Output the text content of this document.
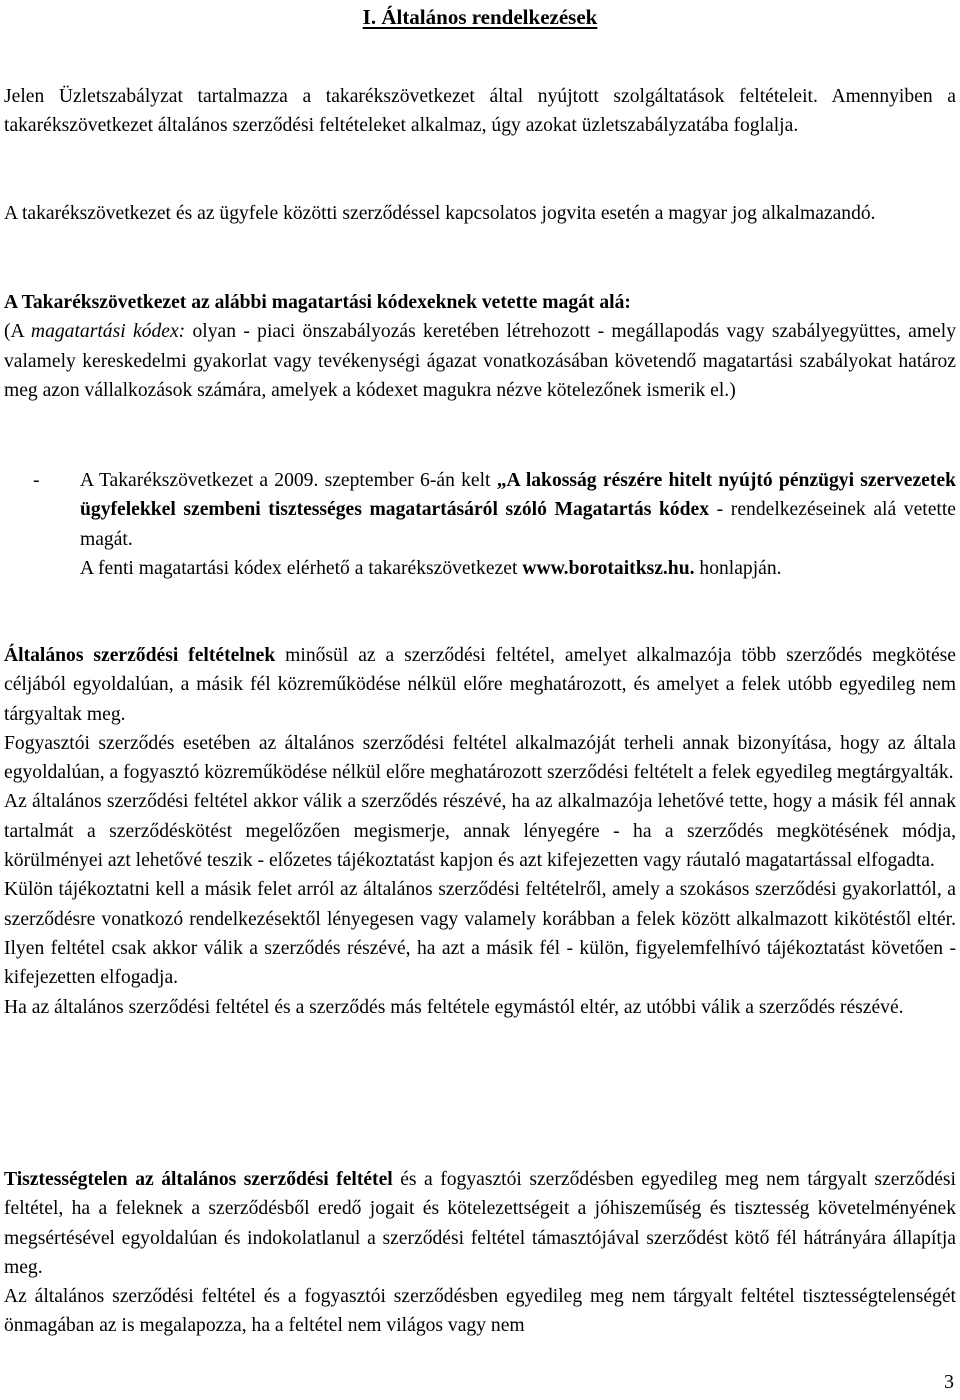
I. Általános rendelkezések

Jelen Üzletszabályzat tartalmazza a takarékszövetkezet által nyújtott szolgáltatások feltételeit. Amennyiben a takarékszövetkezet általános szerződési feltételeket alkalmaz, úgy azokat üzletszabályzatába foglalja.

A takarékszövetkezet és az ügyfele közötti szerződéssel kapcsolatos jogvita esetén a magyar jog alkalmazandó.

A Takarékszövetkezet az alábbi magatartási kódexeknek vetette magát alá:
(A magatartási kódex: olyan - piaci önszabályozás keretében létrehozott - megállapodás vagy szabályegyüttes, amely valamely kereskedelmi gyakorlat vagy tevékenységi ágazat vonatkozásában követendő magatartási szabályokat határoz meg azon vállalkozások számára, amelyek a kódexet magukra nézve kötelezőnek ismerik el.)

- A Takarékszövetkezet a 2009. szeptember 6-án kelt „A lakosság részére hitelt nyújtó pénzügyi szervezetek ügyfelekkel szembeni tisztességes magatartásáról szóló Magatartás kódex - rendelkezéseinek alá vetette magát.

A fenti magatartási kódex elérhető a takarékszövetkezet www.borotaitksz.hu. honlapján.

Általános szerződési feltételnek minősül az a szerződési feltétel, amelyet alkalmazója több szerződés megkötése céljából egyoldalúan, a másik fél közreműködése nélkül előre meghatározott, és amelyet a felek utóbb egyedileg nem tárgyaltak meg.

Fogyasztói szerződés esetében az általános szerződési feltétel alkalmazóját terheli annak bizonyítása, hogy az általa egyoldalúan, a fogyasztó közreműködése nélkül előre meghatározott szerződési feltételt a felek egyedileg megtárgyalták.

Az általános szerződési feltétel akkor válik a szerződés részévé, ha az alkalmazója lehetővé tette, hogy a másik fél annak tartalmát a szerződéskötést megelőzően megismerje, annak lényegére - ha a szerződés megkötésének módja, körülményei azt lehetővé teszik - előzetes tájékoztatást kapjon és azt kifejezetten vagy ráutaló magatartással elfogadta.

Külön tájékoztatni kell a másik felet arról az általános szerződési feltételről, amely a szokásos szerződési gyakorlattól, a szerződésre vonatkozó rendelkezésektől lényegesen vagy valamely korábban a felek között alkalmazott kikötéstől eltér. Ilyen feltétel csak akkor válik a szerződés részévé, ha azt a másik fél - külön, figyelemfelhívó tájékoztatást követően - kifejezetten elfogadja.

Ha az általános szerződési feltétel és a szerződés más feltétele egymástól eltér, az utóbbi válik a szerződés részévé.

Tisztességtelen az általános szerződési feltétel és a fogyasztói szerződésben egyedileg meg nem tárgyalt szerződési feltétel, ha a feleknek a szerződésből eredő jogait és kötelezettségeit a jóhiszeműség és tisztesség követelményének megsértésével egyoldalúan és indokolatlanul a szerződési feltétel támasztójával szerződést kötő fél hátrányára állapítja meg.

Az általános szerződési feltétel és a fogyasztói szerződésben egyedileg meg nem tárgyalt feltétel tisztességtelenségét önmagában az is megalapozza, ha a feltétel nem világos vagy nem

3
